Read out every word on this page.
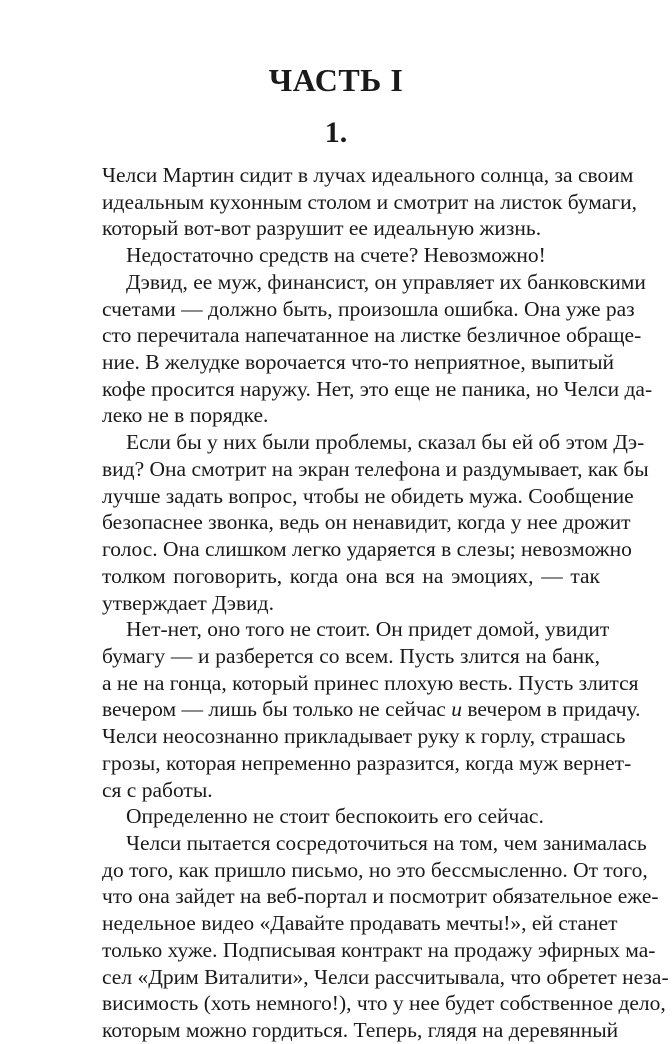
ЧАСТЬ I
1.
Челси Мартин сидит в лучах идеального солнца, за своим
идеальным кухонным столом и смотрит на листок бумаги,
который вот-вот разрушит ее идеальную жизнь.
Недостаточно средств на счете? Невозможно!
Дэвид, ее муж, финансист, он управляет их банковскими
счетами — должно быть, произошла ошибка. Она уже раз
сто перечитала напечатанное на листке безличное обраще-
ние. В желудке ворочается что-то неприятное, выпитый
кофе просится наружу. Нет, это еще не паника, но Челси да-
леко не в порядке.
Если бы у них были проблемы, сказал бы ей об этом Дэ-
вид? Она смотрит на экран телефона и раздумывает, как бы
лучше задать вопрос, чтобы не обидеть мужа. Сообщение
безопаснее звонка, ведь он ненавидит, когда у нее дрожит
голос. Она слишком легко ударяется в слезы; невозможно
толком поговорить, когда она вся на эмоциях, — так
утверждает Дэвид.
Нет-нет, оно того не стоит. Он придет домой, увидит
бумагу — и разберется со всем. Пусть злится на банк,
а не на гонца, который принес плохую весть. Пусть злится
вечером — лишь бы только не сейчас и вечером в придачу.
Челси неосознанно прикладывает руку к горлу, страшась
грозы, которая непременно разразится, когда муж вернет-
ся с работы.
Определенно не стоит беспокоить его сейчас.
Челси пытается сосредоточиться на том, чем занималась
до того, как пришло письмо, но это бессмысленно. От того,
что она зайдет на веб-портал и посмотрит обязательное еже-
недельное видео «Давайте продавать мечты!», ей станет
только хуже. Подписывая контракт на продажу эфирных ма-
сел «Дрим Виталити», Челси рассчитывала, что обретет неза-
висимость (хоть немного!), что у нее будет собственное дело,
которым можно гордиться. Теперь, глядя на деревянный
